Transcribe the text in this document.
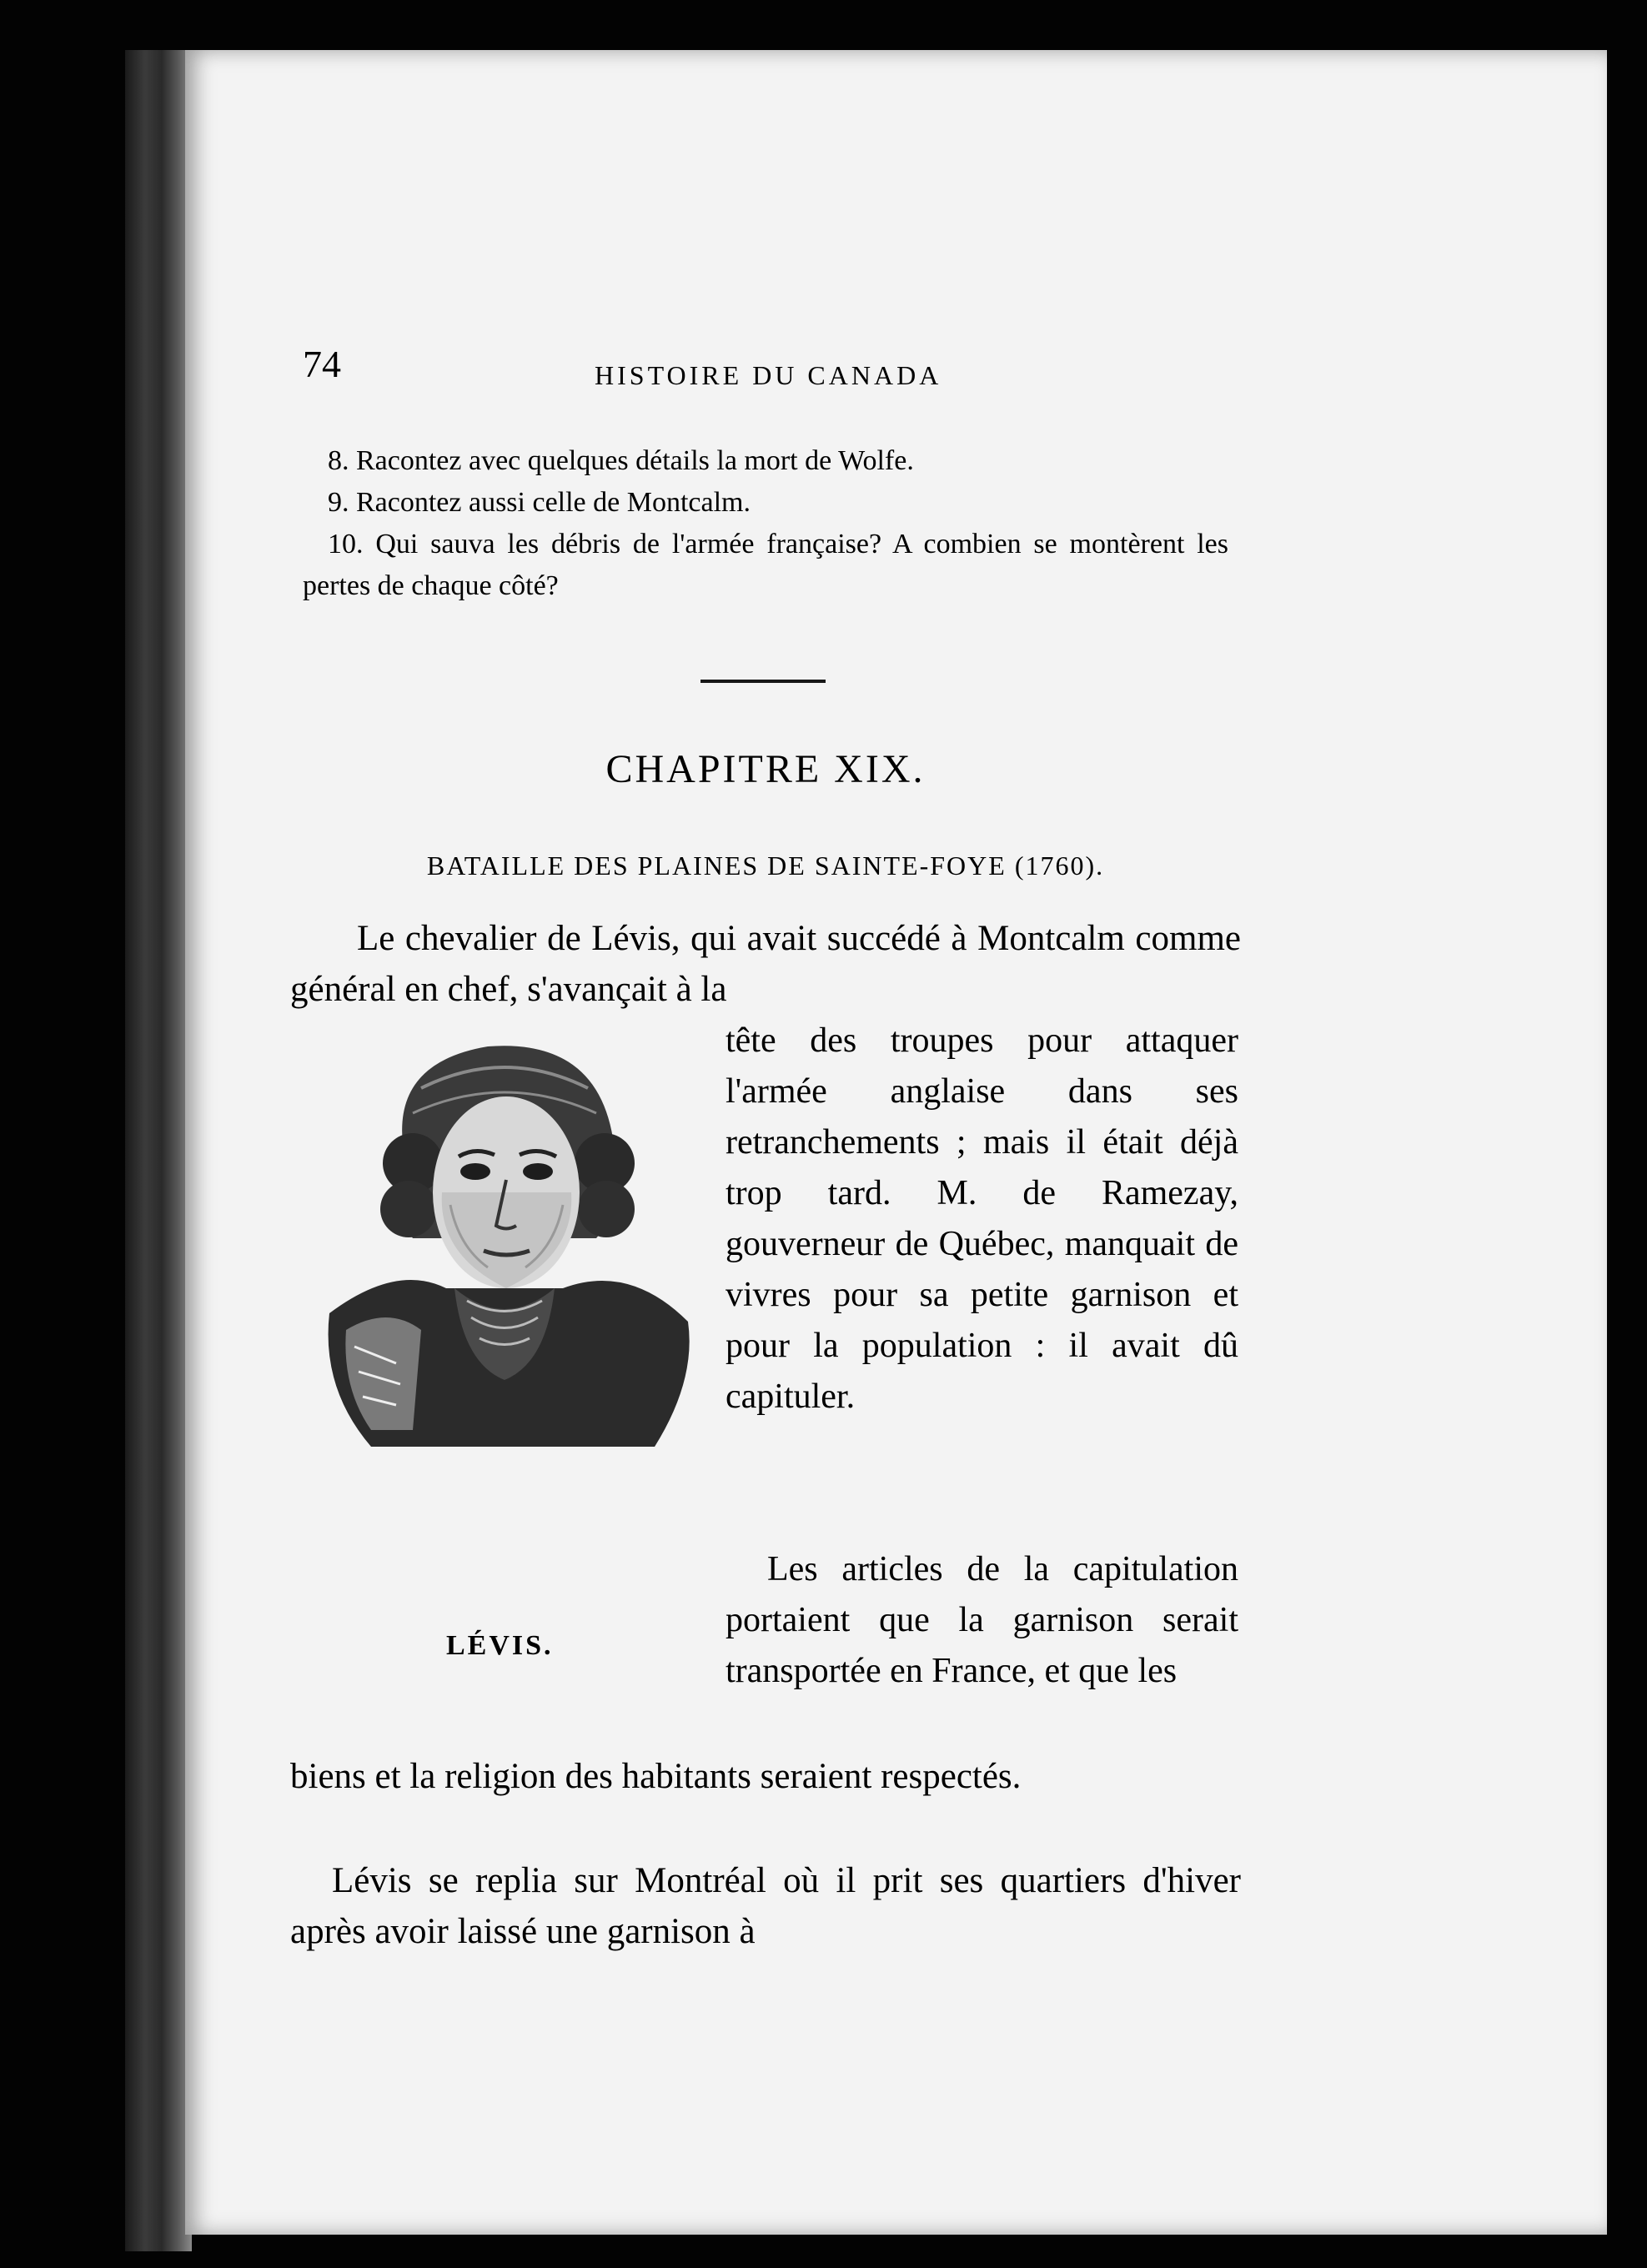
74	HISTOIRE DU CANADA

8. Racontez avec quelques détails la mort de Wolfe.

9. Racontez aussi celle de Montcalm.

10. Qui sauva les débris de l'armée française? A combien se montèrent les pertes de chaque côté?

CHAPITRE XIX.
BATAILLE DES PLAINES DE SAINTE-FOYE (1760).

Le chevalier de Lévis, qui avait succédé à Montcalm comme général en chef, s'avançait à la

tête des troupes pour attaquer l'armée anglaise dans ses retranchements ; mais il était déjà trop tard. M. de Ramezay, gouverneur de Québec, manquait de vivres pour sa petite garnison et pour la population : il avait dû capituler.

LÉVIS.

Les articles de la capitulation portaient que la garnison serait transportée en France, et que les

biens et la religion des habitants seraient respectés.

Lévis se replia sur Montréal où il prit ses quartiers d'hiver après avoir laissé une garnison à
